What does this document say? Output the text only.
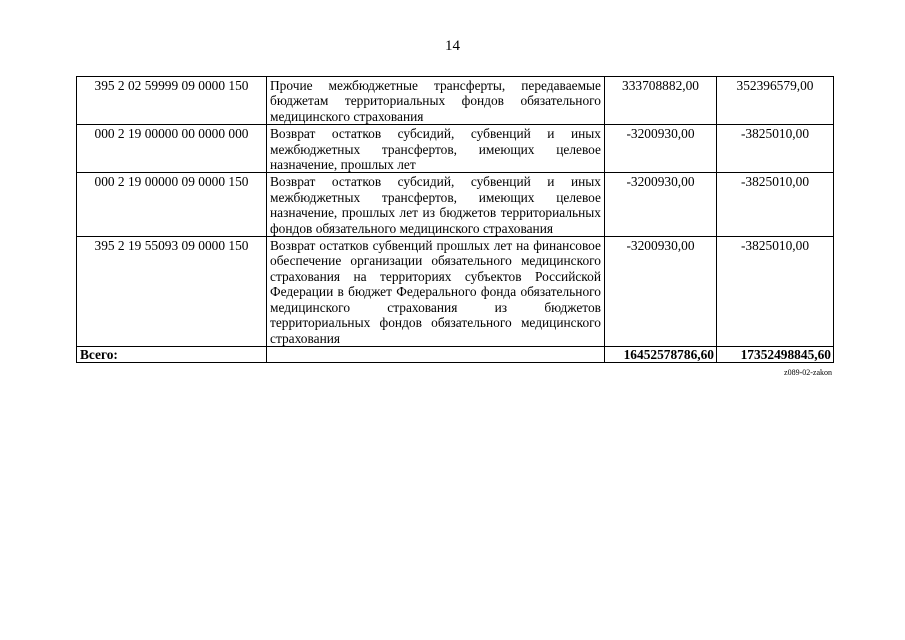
14
395 2 02 59999 09 0000 150	Прочие межбюджетные трансферты, передаваемые бюджетам территориальных фондов обязательного медицинского страхования	333708882,00	352396579,00
000 2 19 00000 00 0000 000	Возврат остатков субсидий, субвенций и иных межбюджетных трансфертов, имеющих целевое назначение, прошлых лет	-3200930,00	-3825010,00
000 2 19 00000 09 0000 150	Возврат остатков субсидий, субвенций и иных межбюджетных трансфертов, имеющих целевое назначение, прошлых лет из бюджетов территориальных фондов обязательного медицинского страхования	-3200930,00	-3825010,00
395 2 19 55093 09 0000 150	Возврат остатков субвенций прошлых лет на финансовое обеспечение организации обязательного медицинского страхования на территориях субъектов Российской Федерации в бюджет Федерального фонда обязательного медицинского страхования из бюджетов территориальных фондов обязательного медицинского страхования	-3200930,00	-3825010,00
Всего:		16452578786,60	17352498845,60
z089-02-zakon
